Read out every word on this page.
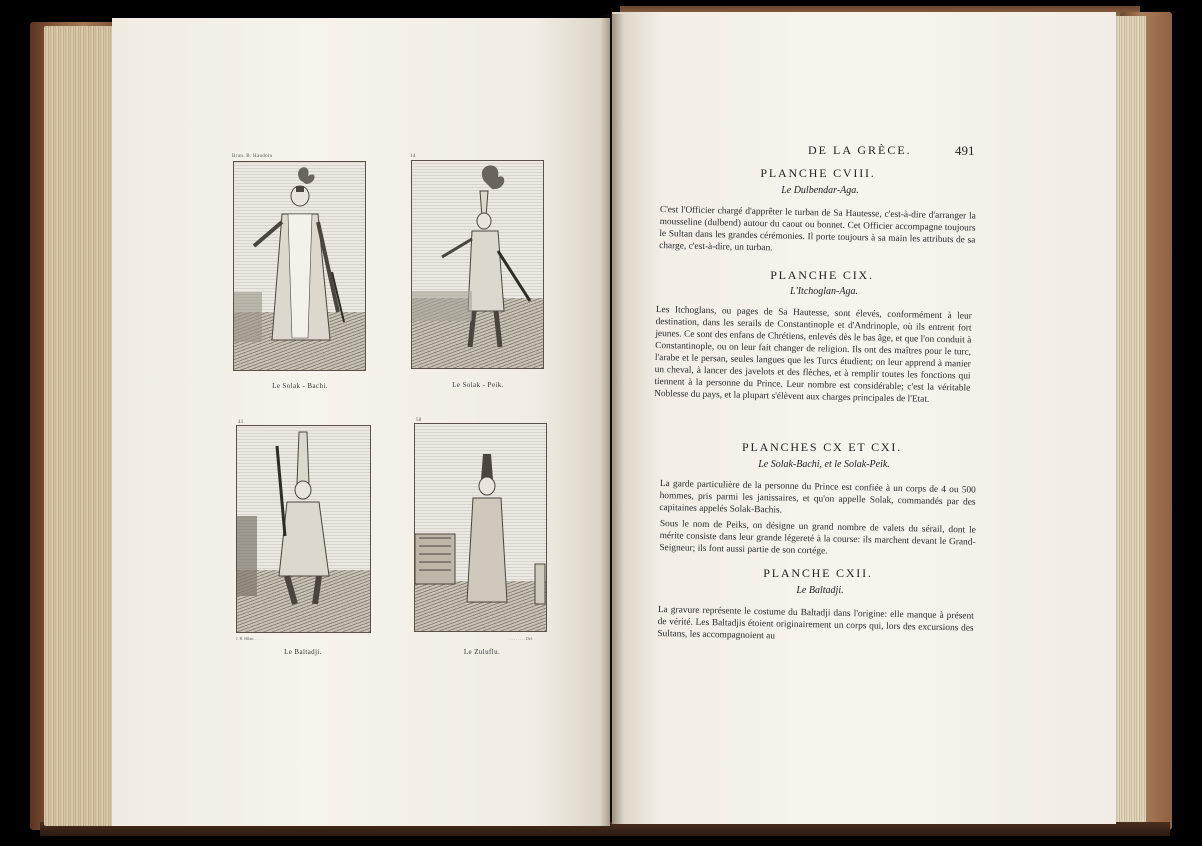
Brun. B. Haudoin
Le Solak - Bachi.
14
Le Solak - Peik.
41
J. B. Hilair. . . . . .
Le Baltadji.
58
. . . . . . . . Del.
Le Zuluflu.
DE LA GRÈCE.	491
PLANCHE CVIII.
Le Dulbendar-Aga.
C'est l'Officier chargé d'apprêter le turban de Sa Hautesse, c'est-à-dire d'arranger la mousseline (dulbend) autour du caout ou bonnet. Cet Officier accompagne toujours le Sultan dans les grandes cérémonies. Il porte toujours à sa main les attributs de sa charge, c'est-à-dire, un turban.
PLANCHE CIX.
L'Itchoglan-Aga.
Les Itchoglans, ou pages de Sa Hautesse, sont élevés, conformément à leur destination, dans les serails de Constantinople et d'Andrinople, où ils entrent fort jeunes. Ce sont des enfans de Chrétiens, enlevés dès le bas âge, et que l'on conduit à Constantinople, ou on leur fait changer de religion. Ils ont des maîtres pour le turc, l'arabe et le persan, seules langues que les Turcs étudient; on leur apprend à manier un cheval, à lancer des javelots et des flèches, et à remplir toutes les fonctions qui tiennent à la personne du Prince. Leur nombre est considérable; c'est la véritable Noblesse du pays, et la plupart s'élèvent aux charges principales de l'Etat.
PLANCHES CX ET CXI.
Le Solak-Bachi, et le Solak-Peik.
La garde particulière de la personne du Prince est confiée à un corps de 4 ou 500 hommes, pris parmi les janissaires, et qu'on appelle Solak, commandés par des capitaines appelés Solak-Bachis.
Sous le nom de Peiks, on désigne un grand nombre de valets du sérail, dont le mérite consiste dans leur grande légereté à la course: ils marchent devant le Grand-Seigneur; ils font aussi partie de son cortége.
PLANCHE CXII.
Le Baltadji.
La gravure représente le costume du Baltadji dans l'origine: elle manque à présent de vérité. Les Baltadjis étoient originairement un corps qui, lors des excursions des Sultans, les accompagnoient au
